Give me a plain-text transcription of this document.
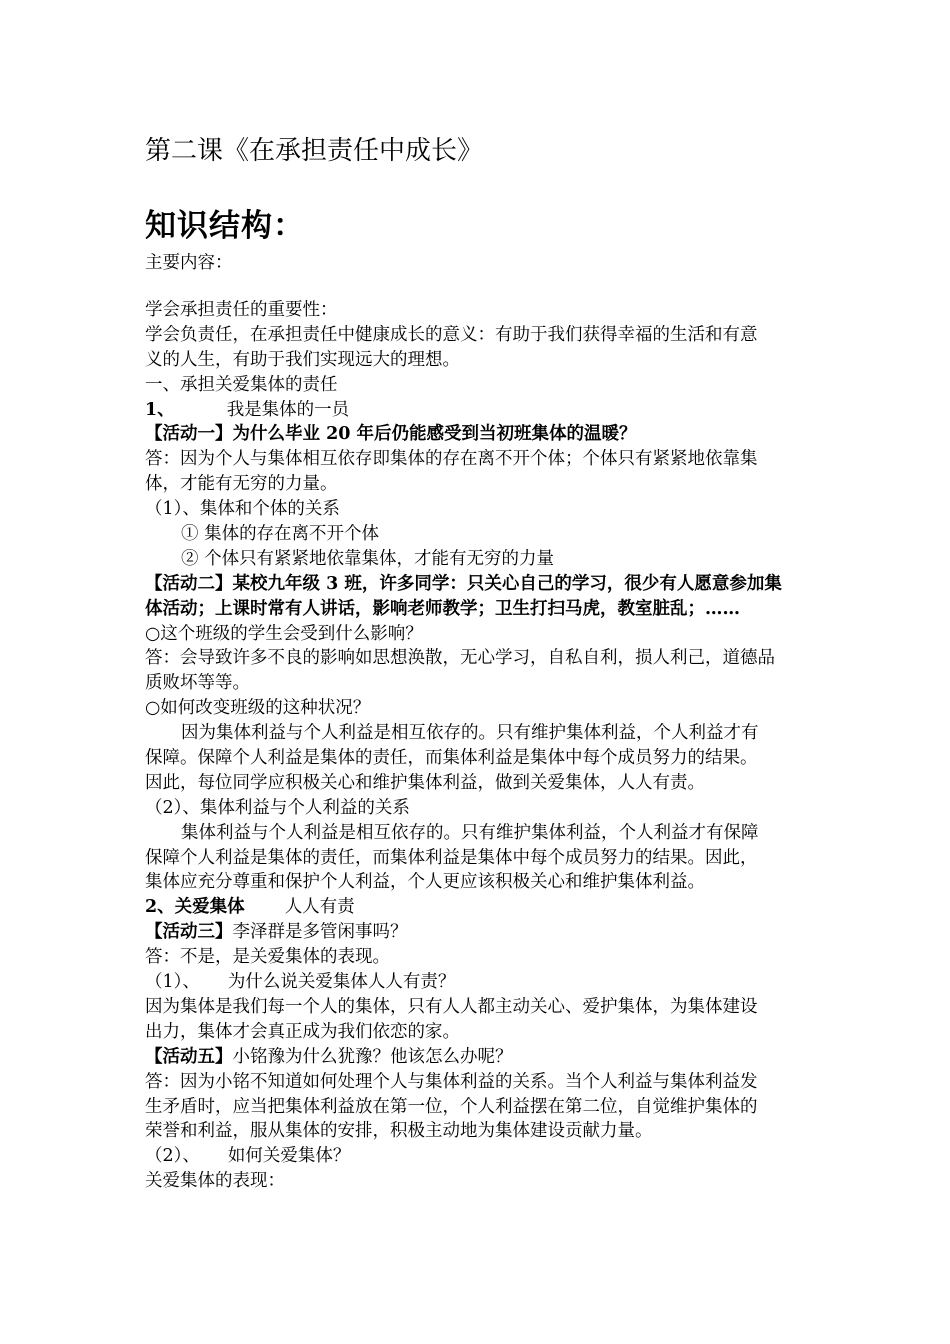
第二课《在承担责任中成长》
知识结构：
主要内容：
学会承担责任的重要性：
学会负责任，在承担责任中健康成长的意义：有助于我们获得幸福的生活和有意
义的人生，有助于我们实现远大的理想。
一、承担关爱集体的责任
1、	我是集体的一员
【活动一】为什么毕业 20 年后仍能感受到当初班集体的温暖？
答：因为个人与集体相互依存即集体的存在离不开个体；个体只有紧紧地依靠集
体，才能有无穷的力量。
（1）、集体和个体的关系
① 集体的存在离不开个体
② 个体只有紧紧地依靠集体，才能有无穷的力量
【活动二】某校九年级 3 班，许多同学：只关心自己的学习，很少有人愿意参加集
体活动；上课时常有人讲话，影响老师教学；卫生打扫马虎，教室脏乱；……
○这个班级的学生会受到什么影响？
答：会导致许多不良的影响如思想涣散，无心学习，自私自利，损人利己，道德品
质败坏等等。
○如何改变班级的这种状况？
因为集体利益与个人利益是相互依存的。只有维护集体利益，个人利益才有
保障。保障个人利益是集体的责任，而集体利益是集体中每个成员努力的结果。
因此，每位同学应积极关心和维护集体利益，做到关爱集体，人人有责。
（2）、集体利益与个人利益的关系
集体利益与个人利益是相互依存的。只有维护集体利益，个人利益才有保障
保障个人利益是集体的责任，而集体利益是集体中每个成员努力的结果。因此，
集体应充分尊重和保护个人利益，个人更应该积极关心和维护集体利益。
2、关爱集体 人人有责
【活动三】李泽群是多管闲事吗？
答：不是，是关爱集体的表现。
（1）、 为什么说关爱集体人人有责？
因为集体是我们每一个人的集体，只有人人都主动关心、爱护集体，为集体建设
出力，集体才会真正成为我们依恋的家。
【活动五】小铭豫为什么犹豫？他该怎么办呢？
答：因为小铭不知道如何处理个人与集体利益的关系。当个人利益与集体利益发
生矛盾时，应当把集体利益放在第一位，个人利益摆在第二位，自觉维护集体的
荣誉和利益，服从集体的安排，积极主动地为集体建设贡献力量。
（2）、 如何关爱集体？
关爱集体的表现：
